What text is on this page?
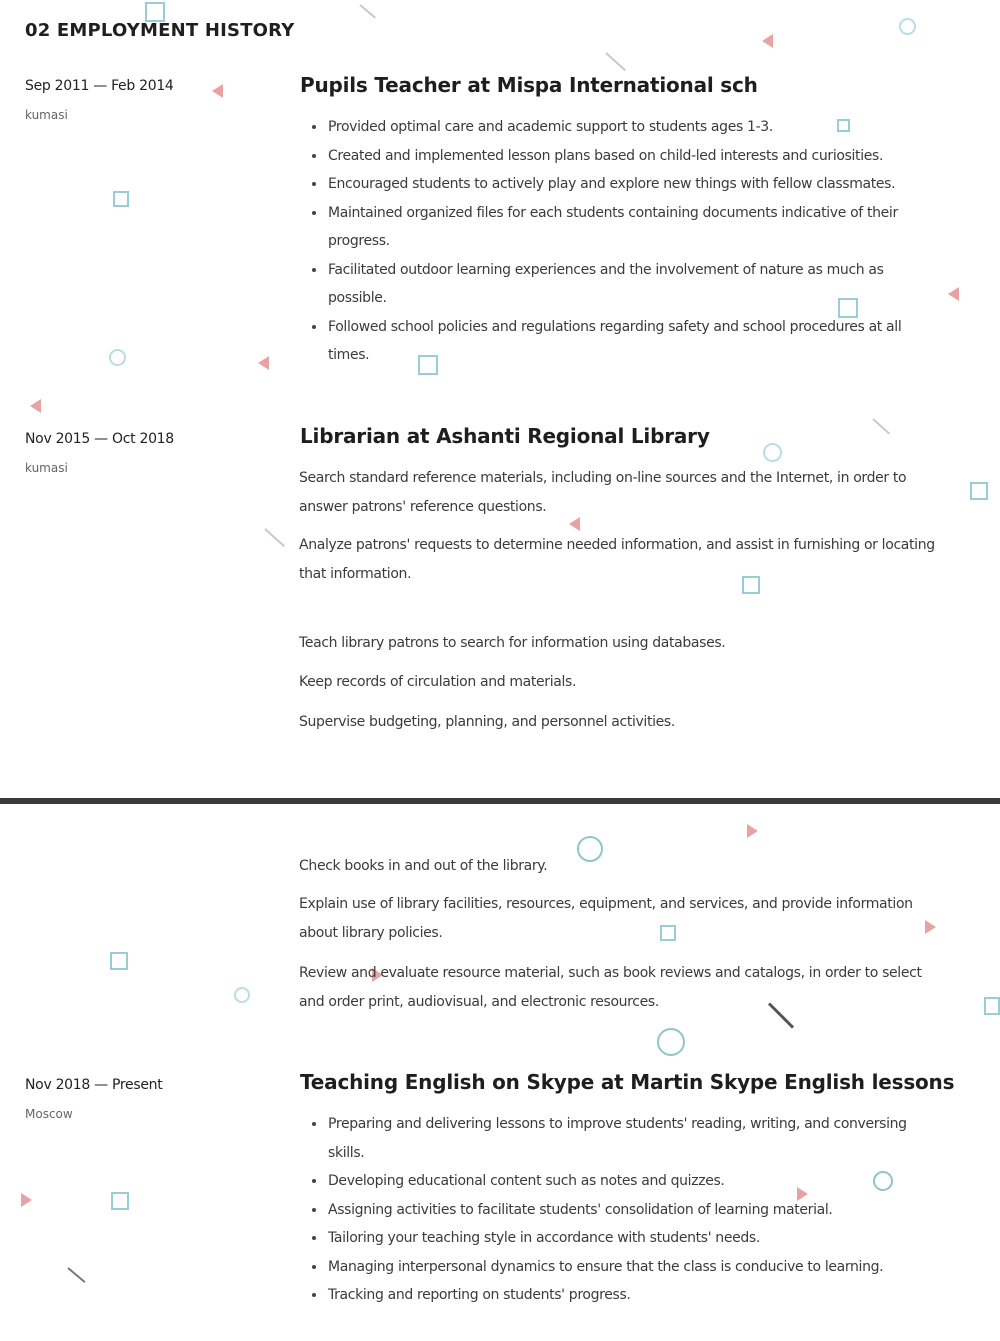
02 EMPLOYMENT HISTORY
Sep 2011 — Feb 2014
kumasi
Pupils Teacher at Mispa International sch
Provided optimal care and academic support to students ages 1-3.
Created and implemented lesson plans based on child-led interests and curiosities.
Encouraged students to actively play and explore new things with fellow classmates.
Maintained organized files for each students containing documents indicative of their progress.
Facilitated outdoor learning experiences and the involvement of nature as much as possible.
Followed school policies and regulations regarding safety and school procedures at all times.
Nov 2015 — Oct 2018
kumasi
Librarian at Ashanti Regional Library

Search standard reference materials, including on-line sources and the Internet, in order to answer patrons' reference questions.

Analyze patrons' requests to determine needed information, and assist in furnishing or locating that information.

Teach library patrons to search for information using databases.

Keep records of circulation and materials.

Supervise budgeting, planning, and personnel activities.

Check books in and out of the library.

Explain use of library facilities, resources, equipment, and services, and provide information about library policies.

Review and evaluate resource material, such as book reviews and catalogs, in order to select and order print, audiovisual, and electronic resources.

Nov 2018 — Present
Moscow
Teaching English on Skype at Martin Skype English lessons
Preparing and delivering lessons to improve students' reading, writing, and conversing skills.
Developing educational content such as notes and quizzes.
Assigning activities to facilitate students' consolidation of learning material.
Tailoring your teaching style in accordance with students' needs.
Managing interpersonal dynamics to ensure that the class is conducive to learning.
Tracking and reporting on students' progress.
